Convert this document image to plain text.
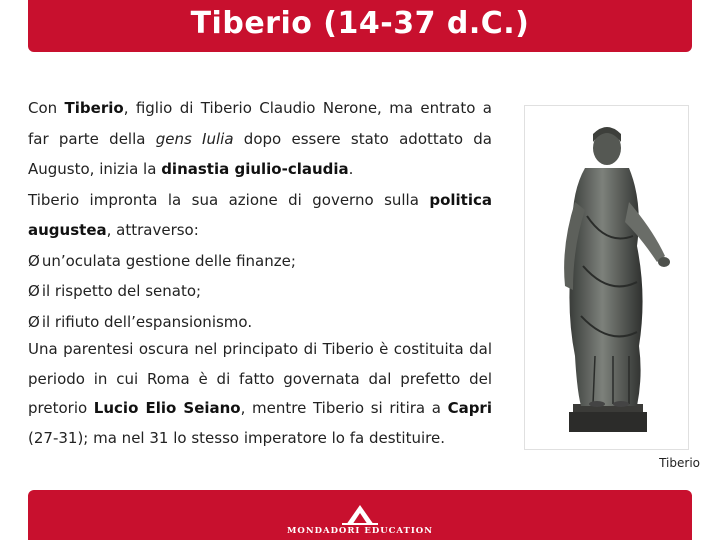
Tiberio (14-37 d.C.)
Con Tiberio, figlio di Tiberio Claudio Nerone, ma entrato a far parte della gens Iulia dopo essere stato adottato da Augusto, inizia la dinastia giulio-claudia.
Tiberio impronta la sua azione di governo sulla politica augustea, attraverso:
Ø un’oculata gestione delle finanze;
Ø il rispetto del senato;
Ø il rifiuto dell’espansionismo.
Una parentesi oscura nel principato di Tiberio è costituita dal periodo in cui Roma è di fatto governata dal prefetto del pretorio Lucio Elio Seiano, mentre Tiberio si ritira a Capri (27-31); ma nel 31 lo stesso imperatore lo fa destituire.
Tiberio
MONDADORI EDUCATION
